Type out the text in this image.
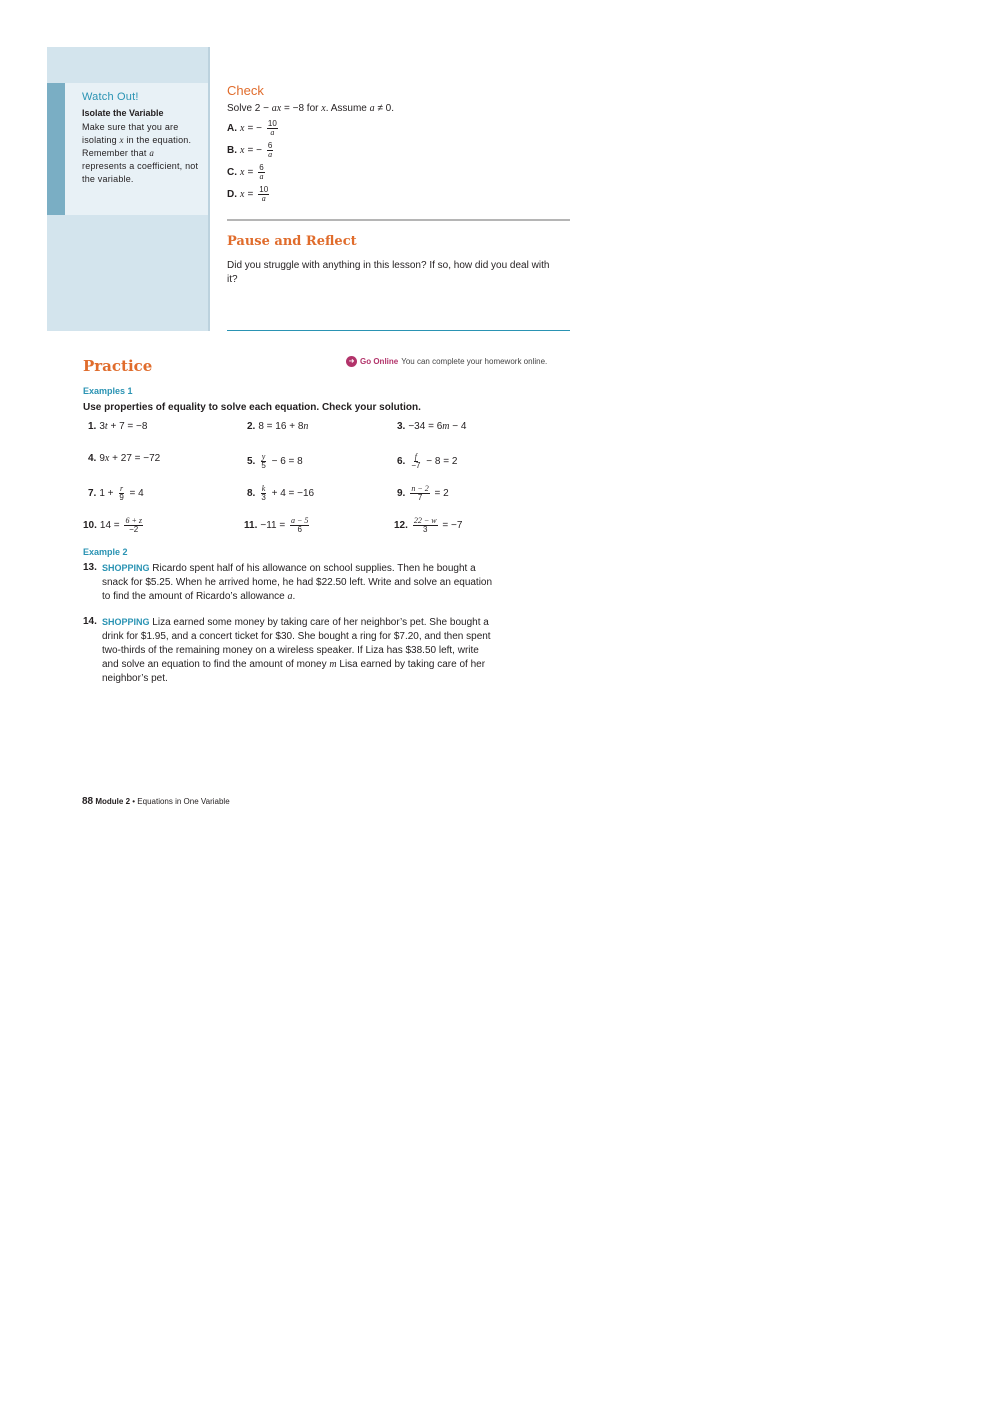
Watch Out!
Isolate the Variable
Make sure that you are isolating x in the equation. Remember that a represents a coefficient, not the variable.
Check
Solve 2 − ax = −8 for x. Assume a ≠ 0.
A. x = − $\frac{10}{a}$
B. x = − $\frac{6}{a}$
C. $x = \frac{6}{a}$
D. $x = \frac{10}{a}$
Pause and Reflect
Did you struggle with anything in this lesson? If so, how did you deal with it?
Practice	➜ Go Online You can complete your homework online.
Examples 1
Use properties of equality to solve each equation. Check your solution.
1. 3 t + 7 = −8	2. 8 = 16 + 8 n	3. −34 = 6 m − 4
4. 9 x + 27 = −72	5. $\frac{y}{5} - 6 = 8$	6. $\frac{f}{-7} - 8 = 2$
7. $1 + \frac{r}{9} = 4$	8. $\frac{k}{3} + 4 = -16$	9. $\frac{n - 2}{7} = 2$
10. $14 = \frac{6 + z}{-2}$	11. $-11 = \frac{a - 5}{6}$	12. $\frac{22 - w}{3} = -7$
Example 2
13. SHOPPING Ricardo spent half of his allowance on school supplies. Then he bought a snack for $5.25. When he arrived home, he had $22.50 left. Write and solve an equation to find the amount of Ricardo’s allowance a.
14. SHOPPING Liza earned some money by taking care of her neighbor’s pet. She bought a drink for $1.95, and a concert ticket for $30. She bought a ring for $7.20, and then spent two-thirds of the remaining money on a wireless speaker. If Liza has $38.50 left, write and solve an equation to find the amount of money m Lisa earned by taking care of her neighbor’s pet.
88 Module 2 • Equations in One Variable
